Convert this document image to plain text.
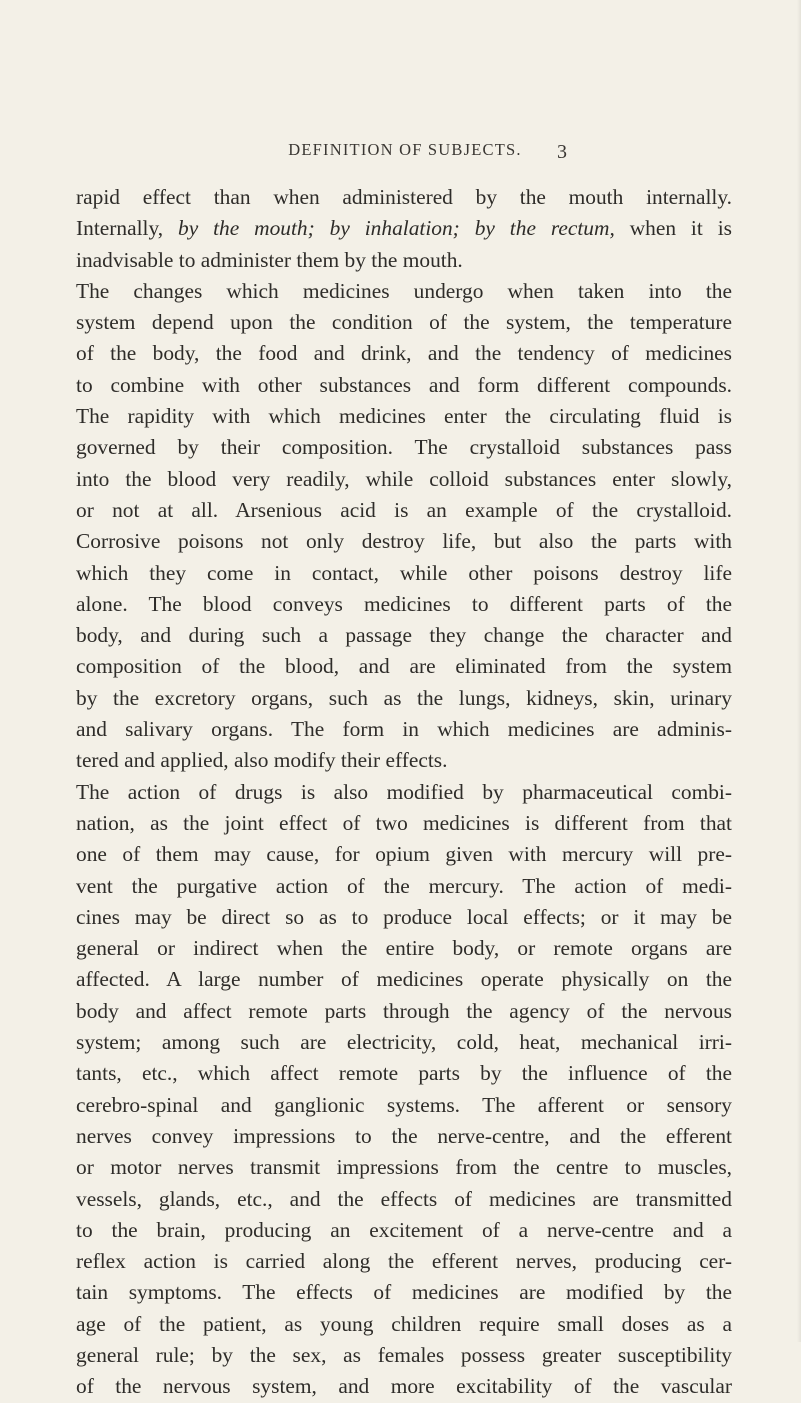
DEFINITION OF SUBJECTS.	3
rapid effect than when administered by the mouth internally.
Internally, by the mouth; by inhalation; by the rectum, when it is
inadvisable to administer them by the mouth.
The changes which medicines undergo when taken into the
system depend upon the condition of the system, the temperature
of the body, the food and drink, and the tendency of medicines
to combine with other substances and form different compounds.
The rapidity with which medicines enter the circulating fluid is
governed by their composition. The crystalloid substances pass
into the blood very readily, while colloid substances enter slowly,
or not at all. Arsenious acid is an example of the crystalloid.
Corrosive poisons not only destroy life, but also the parts with
which they come in contact, while other poisons destroy life
alone. The blood conveys medicines to different parts of the
body, and during such a passage they change the character and
composition of the blood, and are eliminated from the system
by the excretory organs, such as the lungs, kidneys, skin, urinary
and salivary organs. The form in which medicines are adminis-
tered and applied, also modify their effects.
The action of drugs is also modified by pharmaceutical combi-
nation, as the joint effect of two medicines is different from that
one of them may cause, for opium given with mercury will pre-
vent the purgative action of the mercury. The action of medi-
cines may be direct so as to produce local effects; or it may be
general or indirect when the entire body, or remote organs are
affected. A large number of medicines operate physically on the
body and affect remote parts through the agency of the nervous
system; among such are electricity, cold, heat, mechanical irri-
tants, etc., which affect remote parts by the influence of the
cerebro-spinal and ganglionic systems. The afferent or sensory
nerves convey impressions to the nerve-centre, and the efferent
or motor nerves transmit impressions from the centre to muscles,
vessels, glands, etc., and the effects of medicines are transmitted
to the brain, producing an excitement of a nerve-centre and a
reflex action is carried along the efferent nerves, producing cer-
tain symptoms. The effects of medicines are modified by the
age of the patient, as young children require small doses as a
general rule; by the sex, as females possess greater susceptibility
of the nervous system, and more excitability of the vascular
